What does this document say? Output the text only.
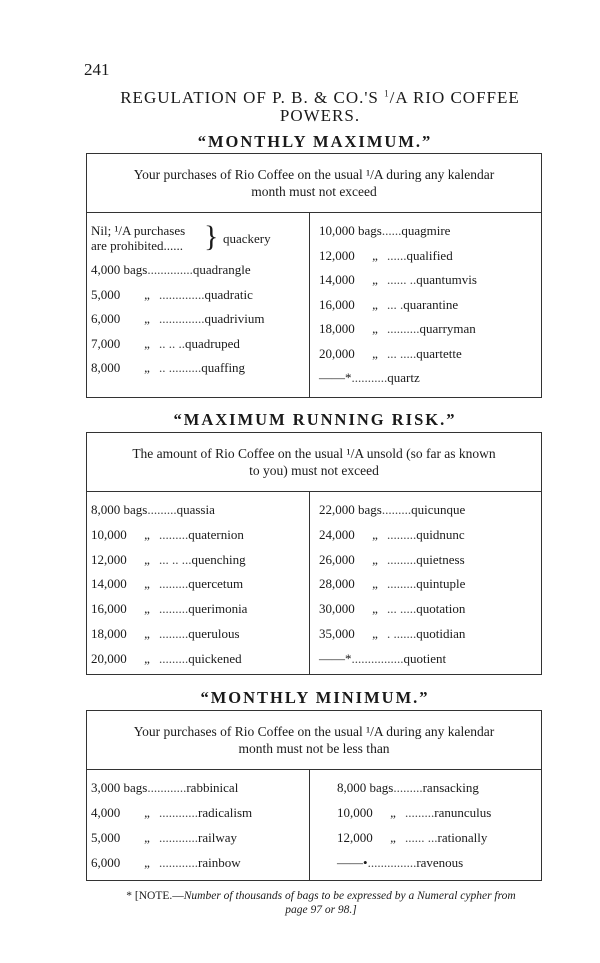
241
REGULATION OF P. B. & CO.'S $^1$/A RIO COFFEE
POWERS.
“MONTHLY MAXIMUM.”
Your purchases of Rio Coffee on the usual ¹/A during any kalendar
month must not exceed
Nil; ¹/A purchases
are prohibited...... } quackery
4,000 bags..............quadrangle
5,000 „..............quadratic
6,000 „..............quadrivium
7,000 „.. .. ..quadruped
8,000 „.. ..........quaffing
10,000 bags......quagmire
12,000 „......qualified
14,000 „...... ..quantumvis
16,000 „... .quarantine
18,000 „..........quarryman
20,000 „... .....quartette
——*...........quartz
“MAXIMUM RUNNING RISK.”
The amount of Rio Coffee on the usual ¹/A unsold (so far as known
to you) must not exceed
8,000 bags.........quassia
10,000 „.........quaternion
12,000 „... .. ...quenching
14,000 „.........quercetum
16,000 „.........querimonia
18,000 „.........querulous
20,000 „.........quickened
22,000 bags.........quicunque
24,000 „.........quidnunc
26,000 „.........quietness
28,000 „.........quintuple
30,000 „... .....quotation
35,000 „. .......quotidian
——*................quotient
“MONTHLY MINIMUM.”
Your purchases of Rio Coffee on the usual ¹/A during any kalendar
month must not be less than
3,000 bags............rabbinical
4,000 „............radicalism
5,000 „............railway
6,000 „............rainbow
8,000 bags.........ransacking
10,000 „.........ranunculus
12,000 „...... ...rationally
——•...............ravenous
* [NOTE.—Number of thousands of bags to be expressed by a Numeral cypher from
page 97 or 98.]
